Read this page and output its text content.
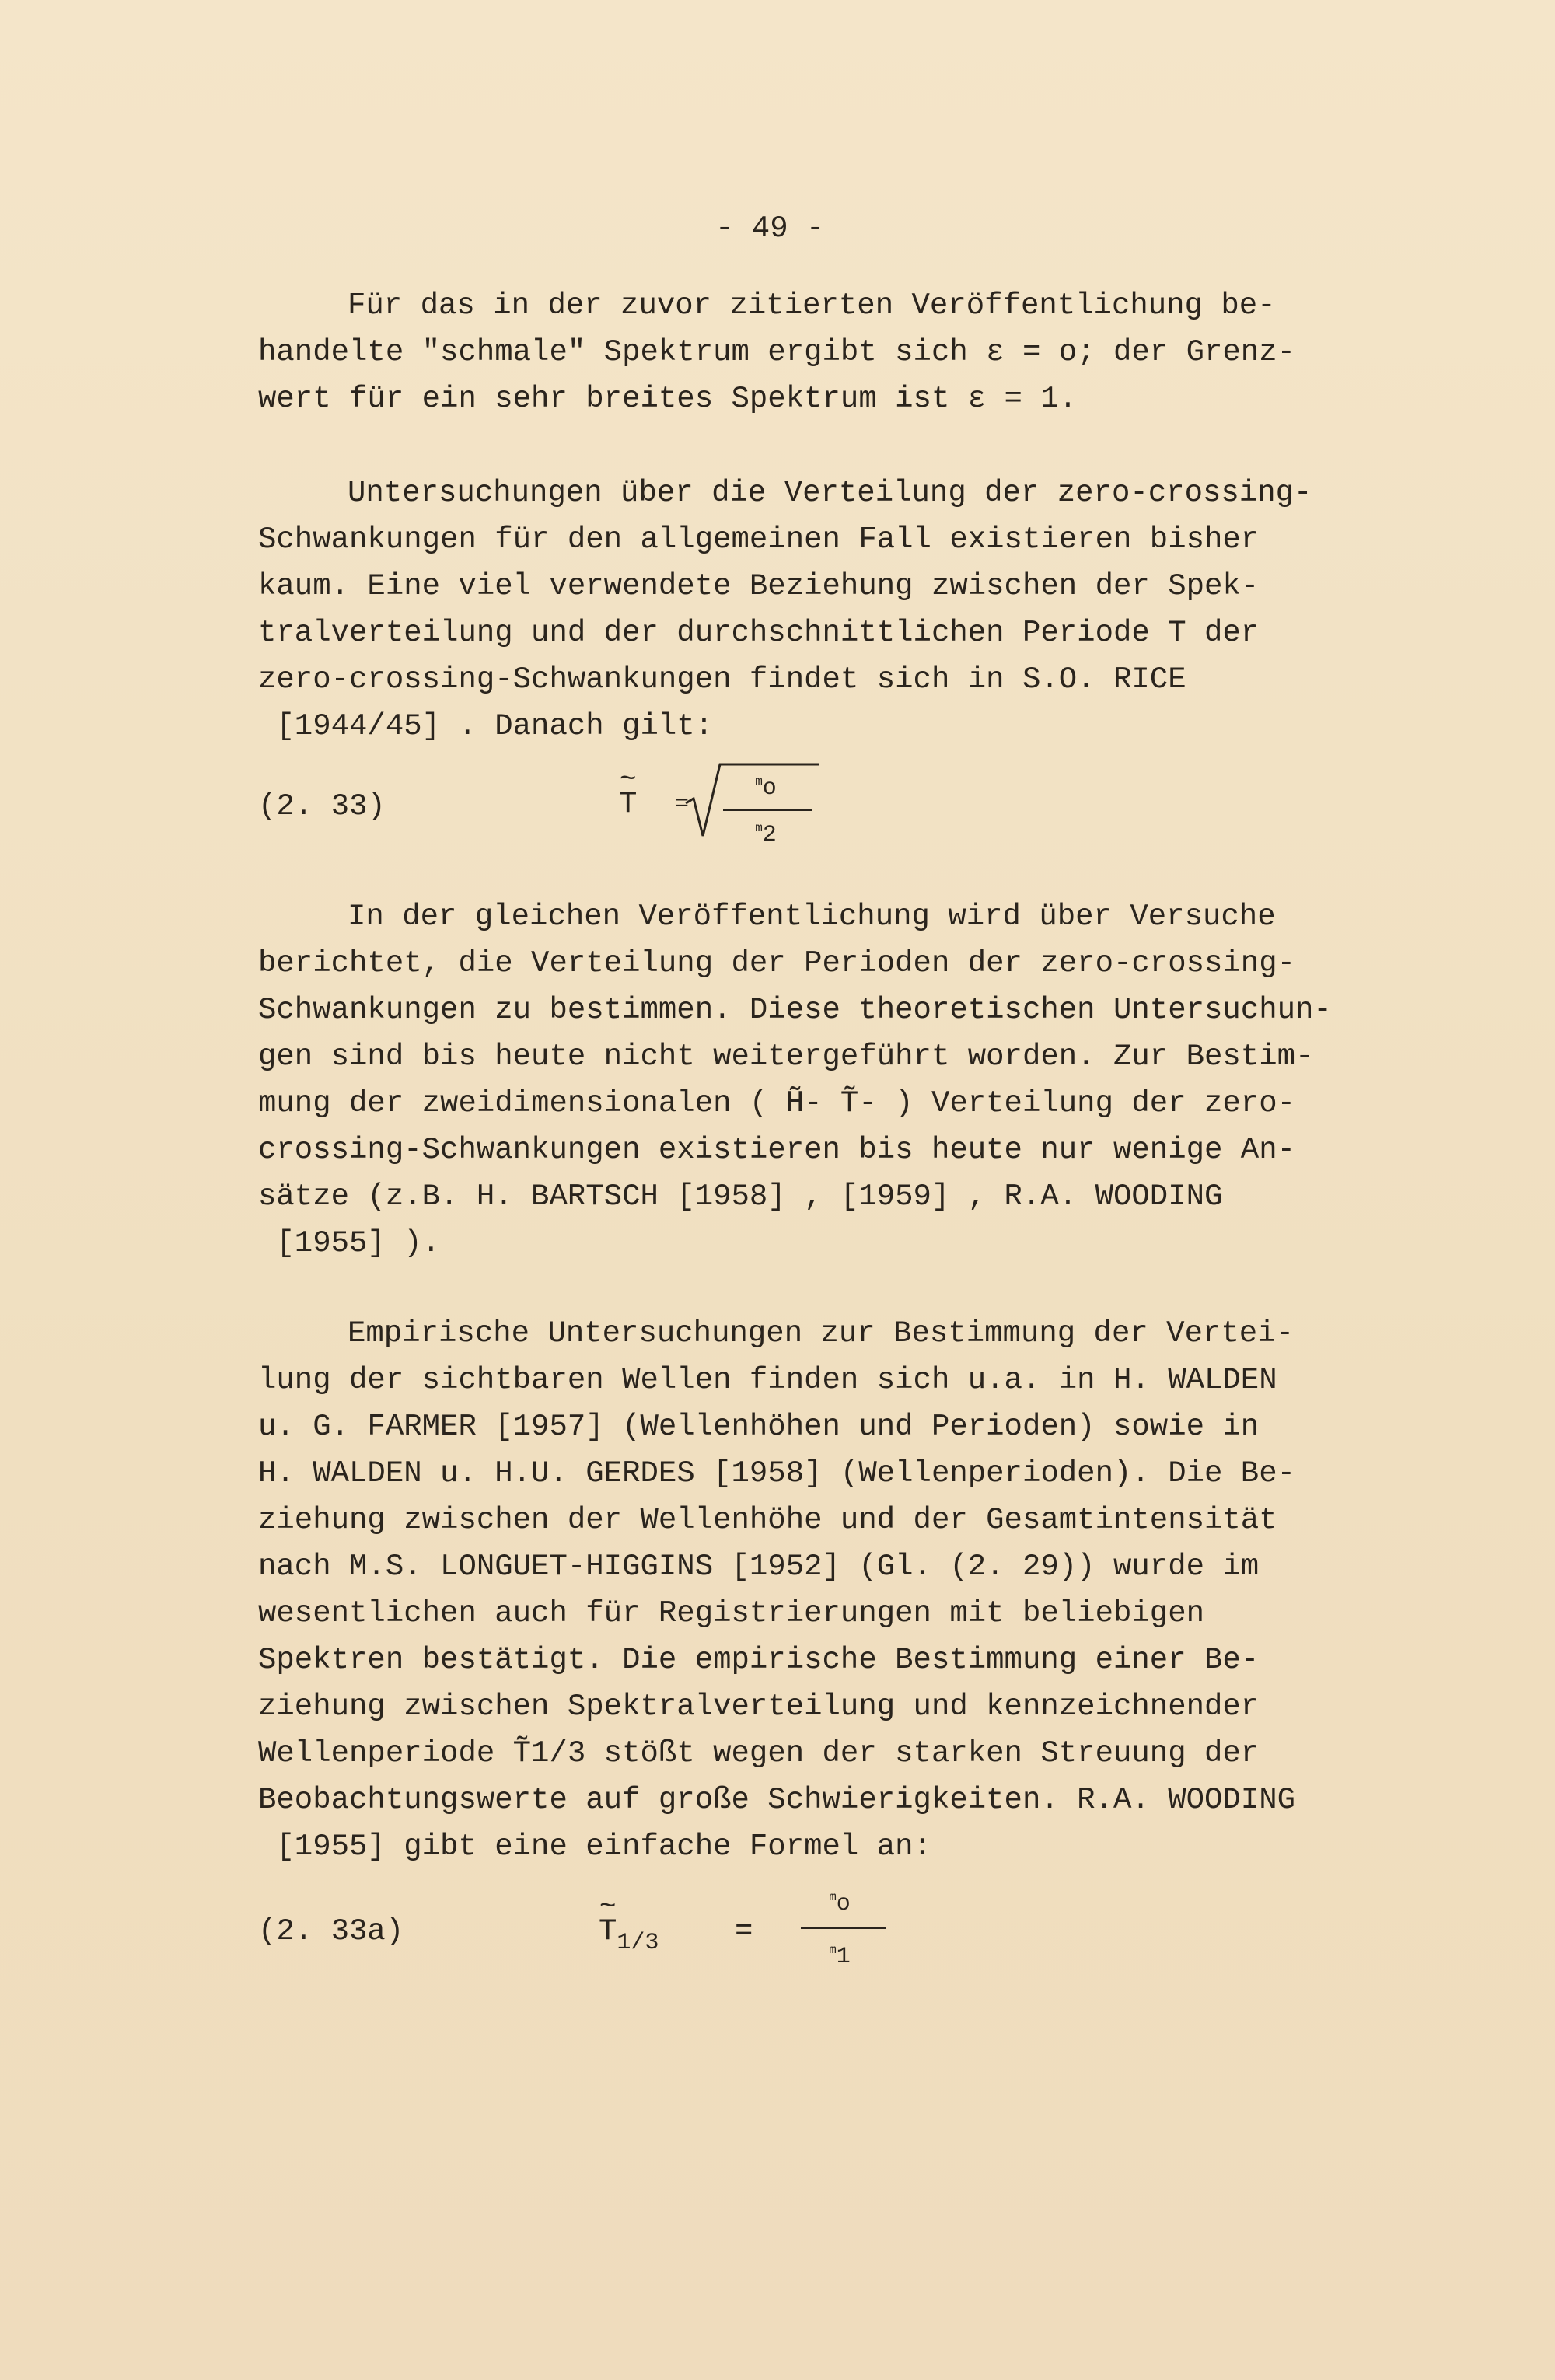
- 49 -
Für das in der zuvor zitierten Veröffentlichung be-
handelte "schmale" Spektrum ergibt sich ε = o; der Grenz-
wert für ein sehr breites Spektrum ist ε = 1.
Untersuchungen über die Verteilung der zero-crossing-
Schwankungen für den allgemeinen Fall existieren bisher
kaum. Eine viel verwendete Beziehung zwischen der Spek-
tralverteilung und der durchschnittlichen Periode T der
zero-crossing-Schwankungen findet sich in S.O. RICE
[1944/45] . Danach gilt:
(2. 33)	~ T =
mo
m2
In der gleichen Veröffentlichung wird über Versuche
berichtet, die Verteilung der Perioden der zero-crossing-
Schwankungen zu bestimmen. Diese theoretischen Untersuchun-
gen sind bis heute nicht weitergeführt worden. Zur Bestim-
mung der zweidimensionalen ( H̃- T̃- ) Verteilung der zero-
crossing-Schwankungen existieren bis heute nur wenige An-
sätze (z.B. H. BARTSCH [1958] , [1959] , R.A. WOODING
[1955] ).
Empirische Untersuchungen zur Bestimmung der Vertei-
lung der sichtbaren Wellen finden sich u.a. in H. WALDEN
u. G. FARMER [1957] (Wellenhöhen und Perioden) sowie in
H. WALDEN u. H.U. GERDES [1958] (Wellenperioden). Die Be-
ziehung zwischen der Wellenhöhe und der Gesamtintensität
nach M.S. LONGUET-HIGGINS [1952] (Gl. (2. 29)) wurde im
wesentlichen auch für Registrierungen mit beliebigen
Spektren bestätigt. Die empirische Bestimmung einer Be-
ziehung zwischen Spektralverteilung und kennzeichnender
Wellenperiode T̃1/3 stößt wegen der starken Streuung der
Beobachtungswerte auf große Schwierigkeiten. R.A. WOODING
[1955] gibt eine einfache Formel an:
(2. 33a)	~ $T_{1/3}$	=
mo
m1
